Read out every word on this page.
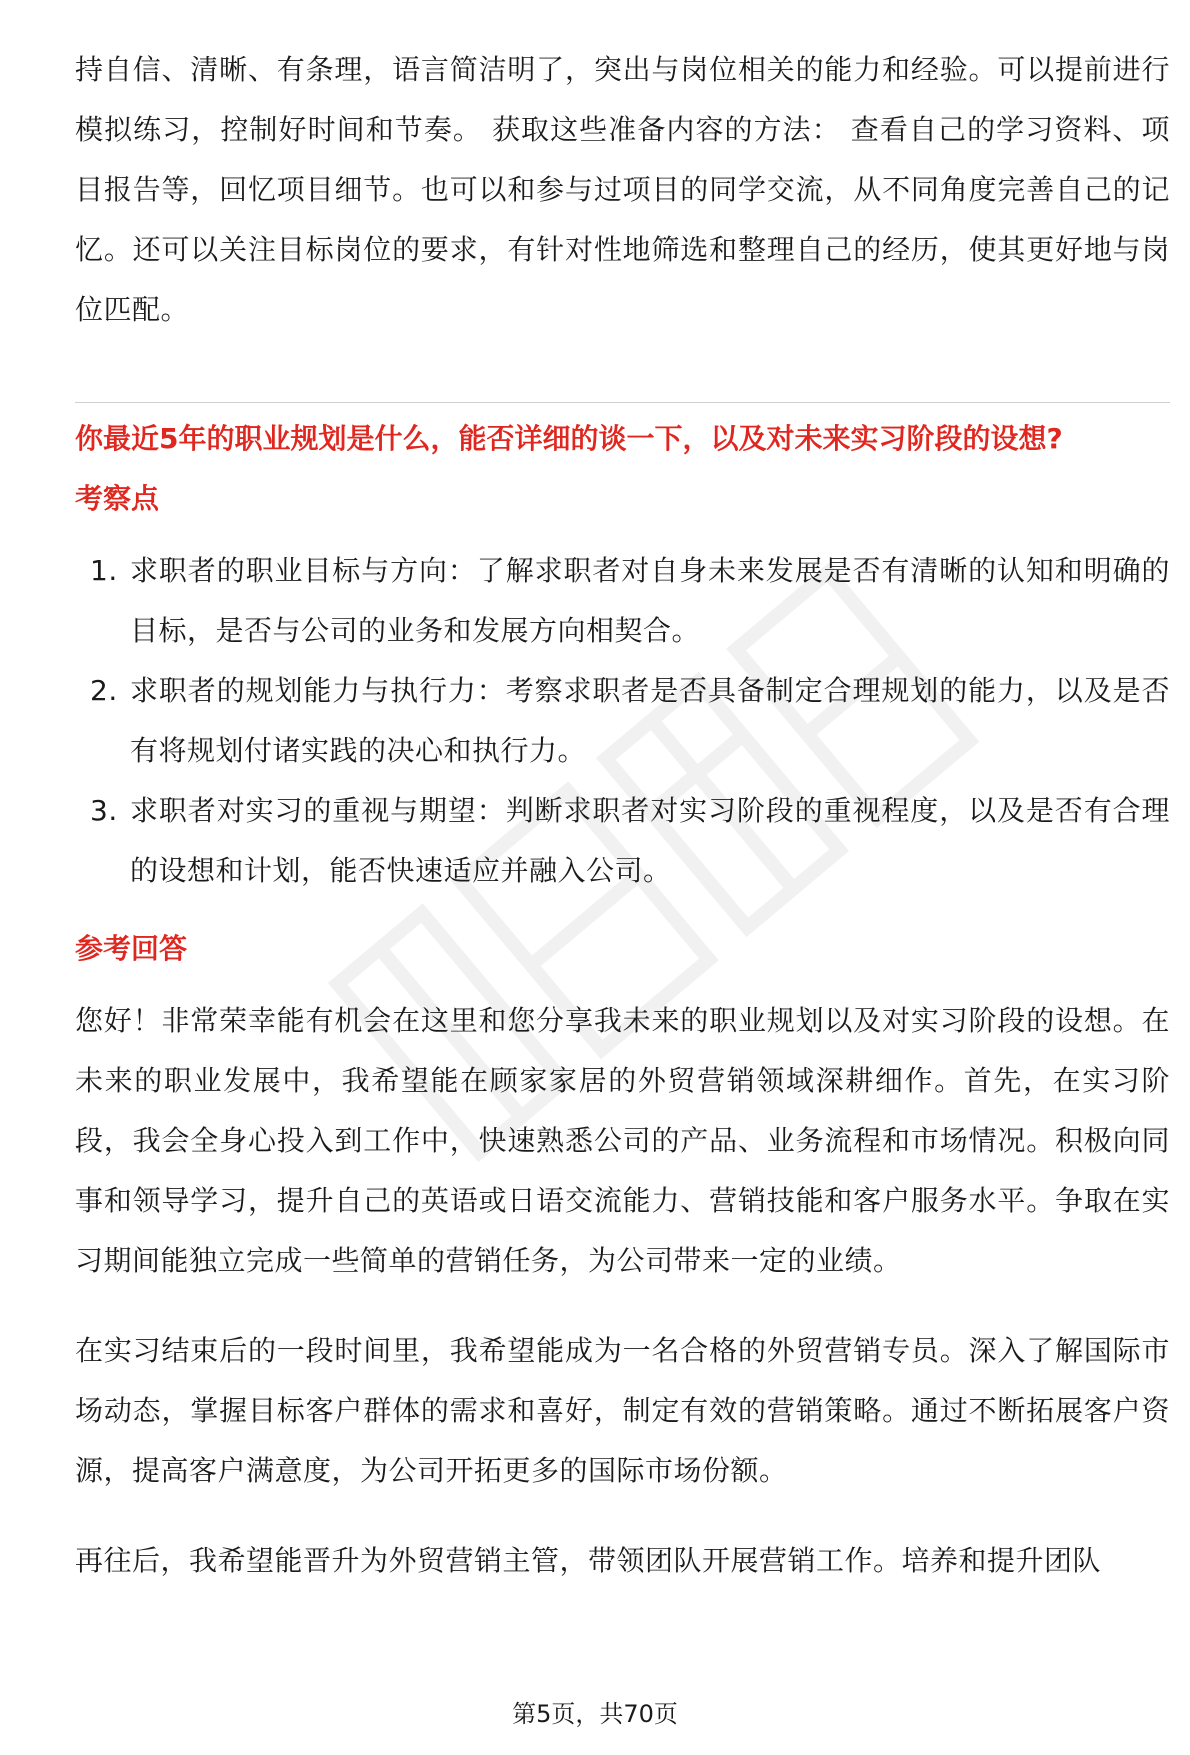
持自信、清晰、有条理，语言简洁明了，突出与岗位相关的能力和经验。可以提前进行模拟练习，控制好时间和节奏。 获取这些准备内容的方法： 查看自己的学习资料、项目报告等，回忆项目细节。也可以和参与过项目的同学交流，从不同角度完善自己的记忆。还可以关注目标岗位的要求，有针对性地筛选和整理自己的经历，使其更好地与岗位匹配。

你最近5年的职业规划是什么，能否详细的谈一下，以及对未来实习阶段的设想?

考察点

1. 求职者的职业目标与方向：了解求职者对自身未来发展是否有清晰的认知和明确的目标，是否与公司的业务和发展方向相契合。
2. 求职者的规划能力与执行力：考察求职者是否具备制定合理规划的能力，以及是否有将规划付诸实践的决心和执行力。
3. 求职者对实习的重视与期望：判断求职者对实习阶段的重视程度，以及是否有合理的设想和计划，能否快速适应并融入公司。

参考回答

您好！非常荣幸能有机会在这里和您分享我未来的职业规划以及对实习阶段的设想。在未来的职业发展中，我希望能在顾家家居的外贸营销领域深耕细作。首先，在实习阶段，我会全身心投入到工作中，快速熟悉公司的产品、业务流程和市场情况。积极向同事和领导学习，提升自己的英语或日语交流能力、营销技能和客户服务水平。争取在实习期间能独立完成一些简单的营销任务，为公司带来一定的业绩。

在实习结束后的一段时间里，我希望能成为一名合格的外贸营销专员。深入了解国际市场动态，掌握目标客户群体的需求和喜好，制定有效的营销策略。通过不断拓展客户资源，提高客户满意度，为公司开拓更多的国际市场份额。

再往后，我希望能晋升为外贸营销主管，带领团队开展营销工作。培养和提升团队

第5页，共70页
